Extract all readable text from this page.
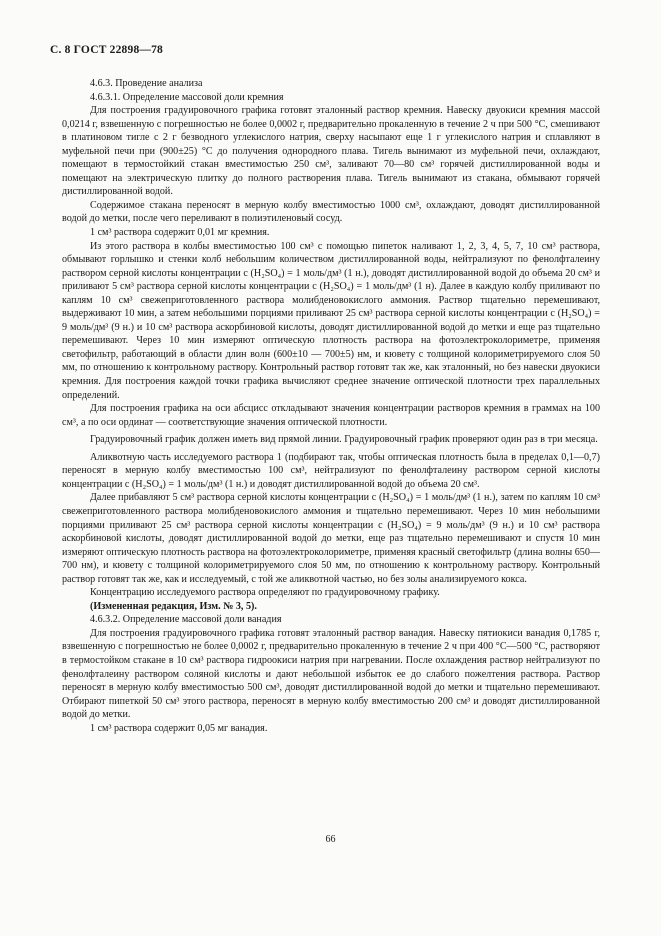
С. 8 ГОСТ 22898—78

4.6.3. Проведение анализа

4.6.3.1. Определение массовой доли кремния

Для построения градуировочного графика готовят эталонный раствор кремния. Навеску двуокиси кремния массой 0,0214 г, взвешенную с погрешностью не более 0,0002 г, предварительно прокаленную в течение 2 ч при 500 °С, смешивают в платиновом тигле с 2 г безводного углекислого натрия, сверху насыпают еще 1 г углекислого натрия и сплавляют в муфельной печи при (900±25) °С до получения однородного плава. Тигель вынимают из муфельной печи, охлаждают, помещают в термостойкий стакан вместимостью 250 см³, заливают 70—80 см³ горячей дистиллированной воды и помещают на электрическую плитку до полного растворения плава. Тигель вынимают из стакана, обмывают горячей дистиллированной водой.

Содержимое стакана переносят в мерную колбу вместимостью 1000 см³, охлаждают, доводят дистиллированной водой до метки, после чего переливают в полиэтиленовый сосуд.

1 см³ раствора содержит 0,01 мг кремния.

Из этого раствора в колбы вместимостью 100 см³ с помощью пипеток наливают 1, 2, 3, 4, 5, 7, 10 см³ раствора, обмывают горлышко и стенки колб небольшим количеством дистиллированной воды, нейтрализуют по фенолфталеину раствором серной кислоты концентрации с (H₂SO₄) = 1 моль/дм³ (1 н.), доводят дистиллированной водой до объема 20 см³ и приливают 5 см³ раствора серной кислоты концентрации с (H₂SO₄) = 1 моль/дм³ (1 н). Далее в каждую колбу приливают по каплям 10 см³ свежеприготовленного раствора молибденовокислого аммония. Раствор тщательно перемешивают, выдерживают 10 мин, а затем небольшими порциями приливают 25 см³ раствора серной кислоты концентрации с (H₂SO₄) = 9 моль/дм³ (9 н.) и 10 см³ раствора аскорбиновой кислоты, доводят дистиллированной водой до метки и еще раз тщательно перемешивают. Через 10 мин измеряют оптическую плотность раствора на фотоэлектроколориметре, применяя светофильтр, работающий в области длин волн (600±10 — 700±5) нм, и кювету с толщиной колориметрируемого слоя 50 мм, по отношению к контрольному раствору. Контрольный раствор готовят так же, как эталонный, но без навески двуокиси кремния. Для построения каждой точки графика вычисляют среднее значение оптической плотности трех параллельных определений.

Для построения графика на оси абсцисс откладывают значения концентрации растворов кремния в граммах на 100 см³, а по оси ординат — соответствующие значения оптической плотности.

Градуировочный график должен иметь вид прямой линии. Градуировочный график проверяют один раз в три месяца.

Аликвотную часть исследуемого раствора 1 (подбирают так, чтобы оптическая плотность была в пределах 0,1—0,7) переносят в мерную колбу вместимостью 100 см³, нейтрализуют по фенолфталеину раствором серной кислоты концентрации с (H₂SO₄) = 1 моль/дм³ (1 н.) и доводят дистиллированной водой до объема 20 см³.

Далее прибавляют 5 см³ раствора серной кислоты концентрации с (H₂SO₄) = 1 моль/дм³ (1 н.), затем по каплям 10 см³ свежеприготовленного раствора молибденовокислого аммония и тщательно перемешивают. Через 10 мин небольшими порциями приливают 25 см³ раствора серной кислоты концентрации с (H₂SO₄) = 9 моль/дм³ (9 н.) и 10 см³ раствора аскорбиновой кислоты, доводят дистиллированной водой до метки, еще раз тщательно перемешивают и спустя 10 мин измеряют оптическую плотность раствора на фотоэлектроколориметре, применяя красный светофильтр (длина волны 650—700 нм), и кювету с толщиной колориметрируемого слоя 50 мм, по отношению к контрольному раствору. Контрольный раствор готовят так же, как и исследуемый, с той же аликвотной частью, но без золы анализируемого кокса.

Концентрацию исследуемого раствора определяют по градуировочному графику.

(Измененная редакция, Изм. № 3, 5).

4.6.3.2. Определение массовой доли ванадия

Для построения градуировочного графика готовят эталонный раствор ванадия. Навеску пятиокиси ванадия 0,1785 г, взвешенную с погрешностью не более 0,0002 г, предварительно прокаленную в течение 2 ч при 400 °С—500 °С, растворяют в термостойком стакане в 10 см³ раствора гидроокиси натрия при нагревании. После охлаждения раствор нейтрализуют по фенолфталеину раствором соляной кислоты и дают небольшой избыток ее до слабого пожелтения раствора. Раствор переносят в мерную колбу вместимостью 500 см³, доводят дистиллированной водой до метки и тщательно перемешивают. Отбирают пипеткой 50 см³ этого раствора, переносят в мерную колбу вместимостью 200 см³ и доводят дистиллированной водой до метки.

1 см³ раствора содержит 0,05 мг ванадия.

66
